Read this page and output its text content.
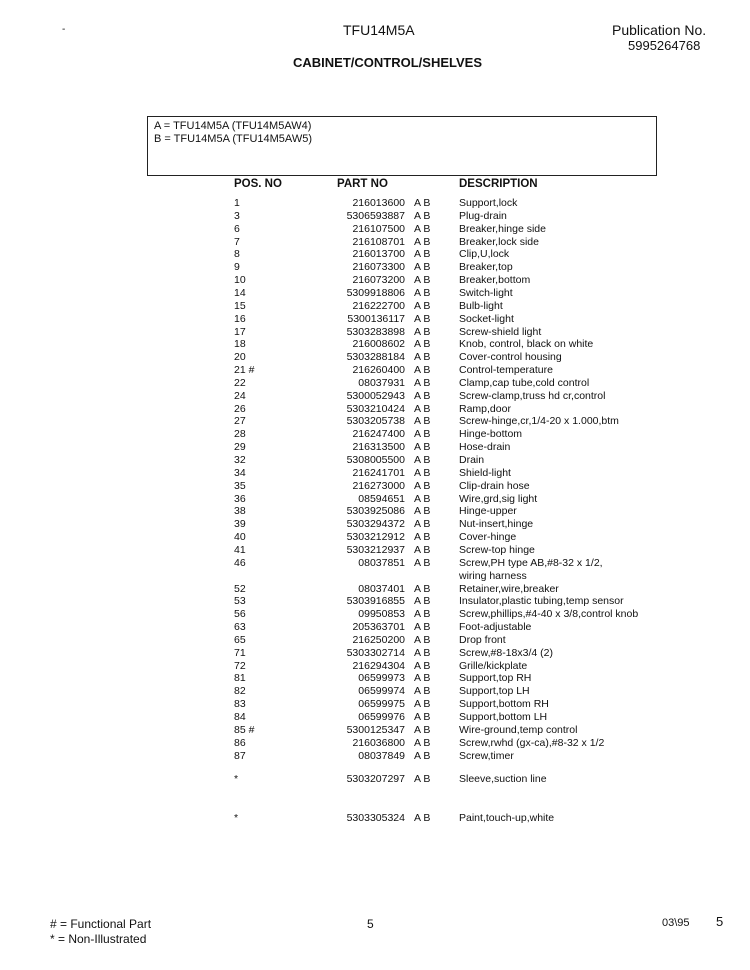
-	TFU14M5A	Publication No.
5995264768
CABINET/CONTROL/SHELVES
A = TFU14M5A (TFU14M5AW4)
B = TFU14M5A (TFU14M5AW5)
POS. NO	PART NO	DESCRIPTION
1	216013600 A B	Support,lock
3	5306593887 A B	Plug-drain
6	216107500 A B	Breaker,hinge side
7	216108701 A B	Breaker,lock side
8	216013700 A B	Clip,U,lock
9	216073300 A B	Breaker,top
10	216073200 A B	Breaker,bottom
14	5309918806 A B	Switch-light
15	216222700 A B	Bulb-light
16	5300136117 A B	Socket-light
17	5303283898 A B	Screw-shield light
18	216008602 A B	Knob, control, black on white
20	5303288184 A B	Cover-control housing
21 #	216260400 A B	Control-temperature
22	08037931 A B	Clamp,cap tube,cold control
24	5300052943 A B	Screw-clamp,truss hd cr,control
26	5303210424 A B	Ramp,door
27	5303205738 A B	Screw-hinge,cr,1/4-20 x 1.000,btm
28	216247400 A B	Hinge-bottom
29	216313500 A B	Hose-drain
32	5308005500 A B	Drain
34	216241701 A B	Shield-light
35	216273000 A B	Clip-drain hose
36	08594651 A B	Wire,grd,sig light
38	5303925086 A B	Hinge-upper
39	5303294372 A B	Nut-insert,hinge
40	5303212912 A B	Cover-hinge
41	5303212937 A B	Screw-top hinge
46	08037851 A B	Screw,PH type AB,#8-32 x 1/2,
wiring harness
52	08037401 A B	Retainer,wire,breaker
53	5303916855 A B	Insulator,plastic tubing,temp sensor
56	09950853 A B	Screw,phillips,#4-40 x 3/8,control knob
63	205363701 A B	Foot-adjustable
65	216250200 A B	Drop front
71	5303302714 A B	Screw,#8-18x3/4 (2)
72	216294304 A B	Grille/kickplate
81	06599973 A B	Support,top RH
82	06599974 A B	Support,top LH
83	06599975 A B	Support,bottom RH
84	06599976 A B	Support,bottom LH
85 #	5300125347 A B	Wire-ground,temp control
86	216036800 A B	Screw,rwhd (gx-ca),#8-32 x 1/2
87	08037849 A B	Screw,timer
*	5303207297 A B	Sleeve,suction line
*	5303305324 A B	Paint,touch-up,white
# = Functional Part
* = Non-Illustrated
5	03\95 5
